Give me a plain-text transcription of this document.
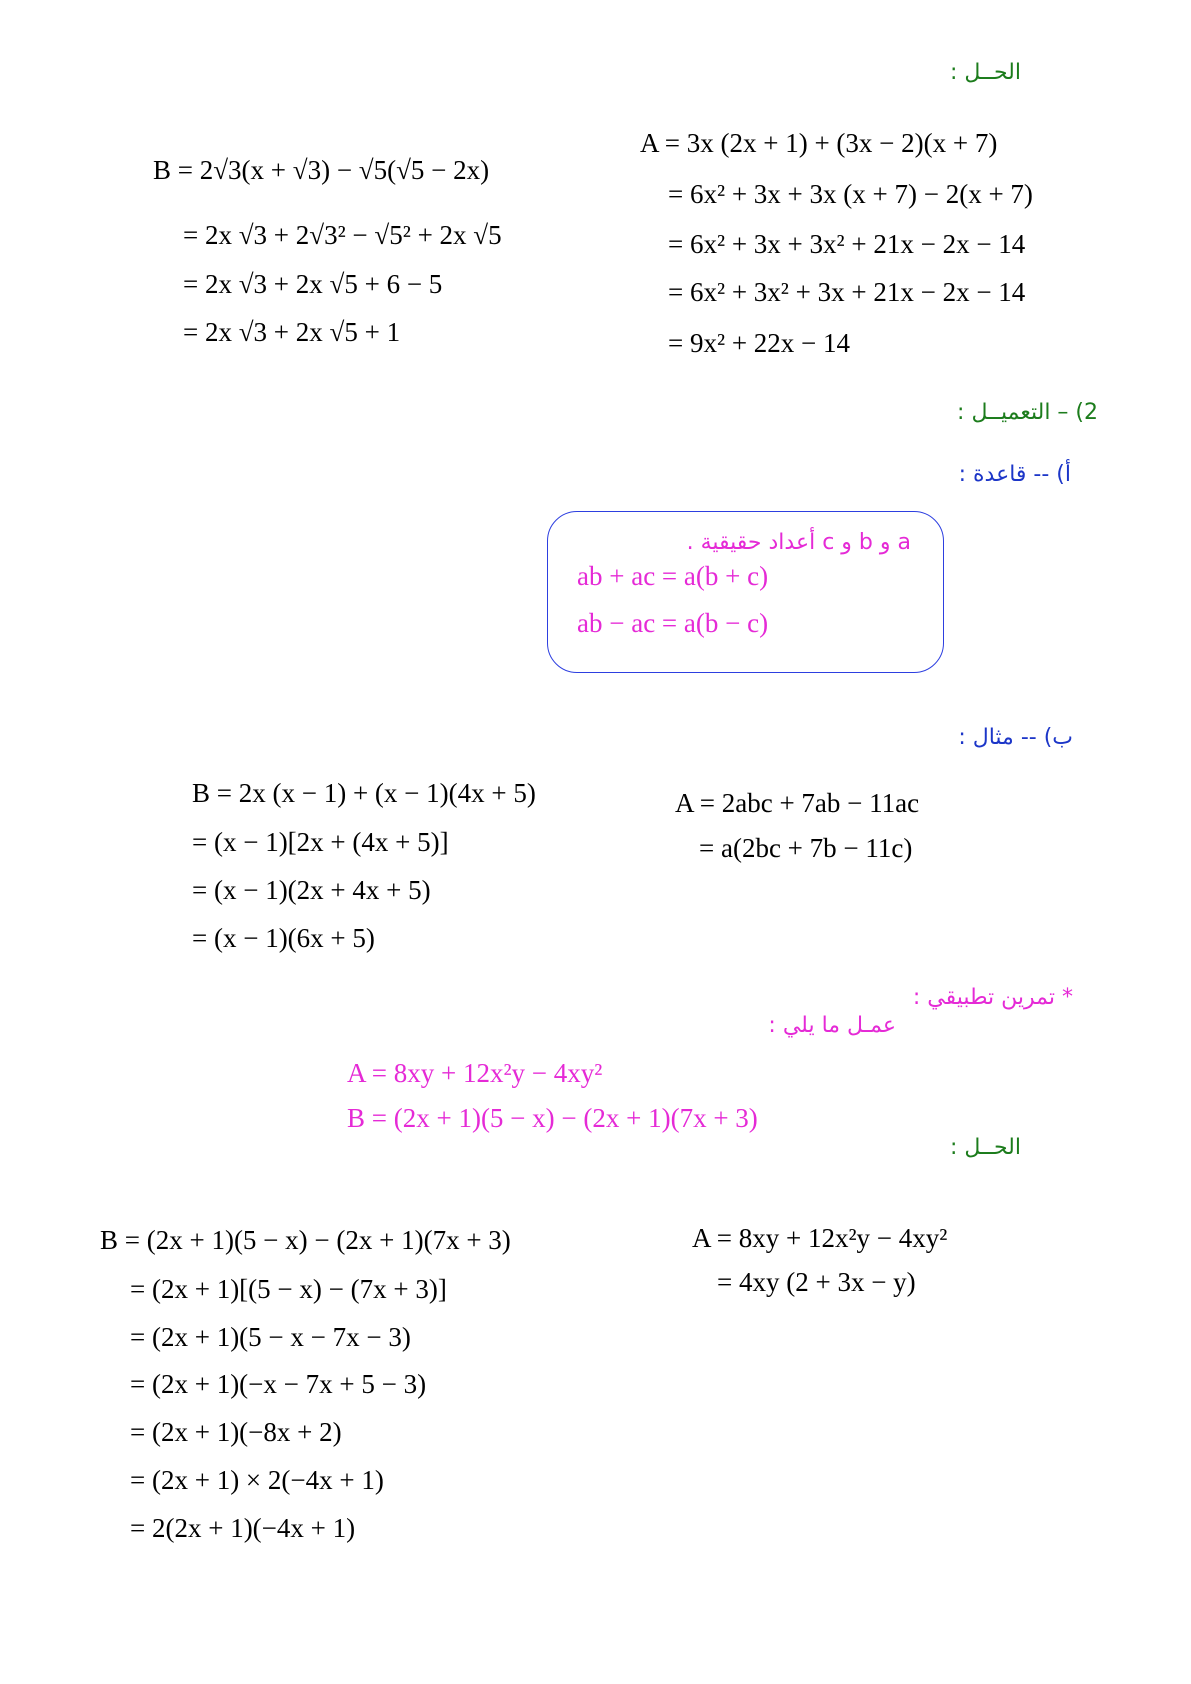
الحــل :
2) – التعميــل :
أ) -- قاعدة :
ب) -- مثال :
* تمرين تطبيقي :
عمـل ما يلي :
الحــل :

A = 3x (2x + 1) + (3x − 2)(x + 7)

= 6x² + 3x + 3x (x + 7) − 2(x + 7)

= 6x² + 3x + 3x² + 21x − 2x − 14

= 6x² + 3x² + 3x + 21x − 2x − 14

= 9x² + 22x − 14

B = 2√3(x + √3) − √5(√5 − 2x)

= 2x √3 + 2√3² − √5² + 2x √5

= 2x √3 + 2x √5 + 6 − 5

= 2x √3 + 2x √5 + 1

a و b و c أعداد حقيقية .
ab + ac = a(b + c)
ab − ac = a(b − c)

A = 2abc + 7ab − 11ac

= a(2bc + 7b − 11c)

B = 2x (x − 1) + (x − 1)(4x + 5)

= (x − 1)[2x + (4x + 5)]

= (x − 1)(2x + 4x + 5)

= (x − 1)(6x + 5)

A = 8xy + 12x²y − 4xy²
B = (2x + 1)(5 − x) − (2x + 1)(7x + 3)

A = 8xy + 12x²y − 4xy²

= 4xy (2 + 3x − y)

B = (2x + 1)(5 − x) − (2x + 1)(7x + 3)

= (2x + 1)[(5 − x) − (7x + 3)]

= (2x + 1)(5 − x − 7x − 3)

= (2x + 1)(−x − 7x + 5 − 3)

= (2x + 1)(−8x + 2)

= (2x + 1) × 2(−4x + 1)

= 2(2x + 1)(−4x + 1)
